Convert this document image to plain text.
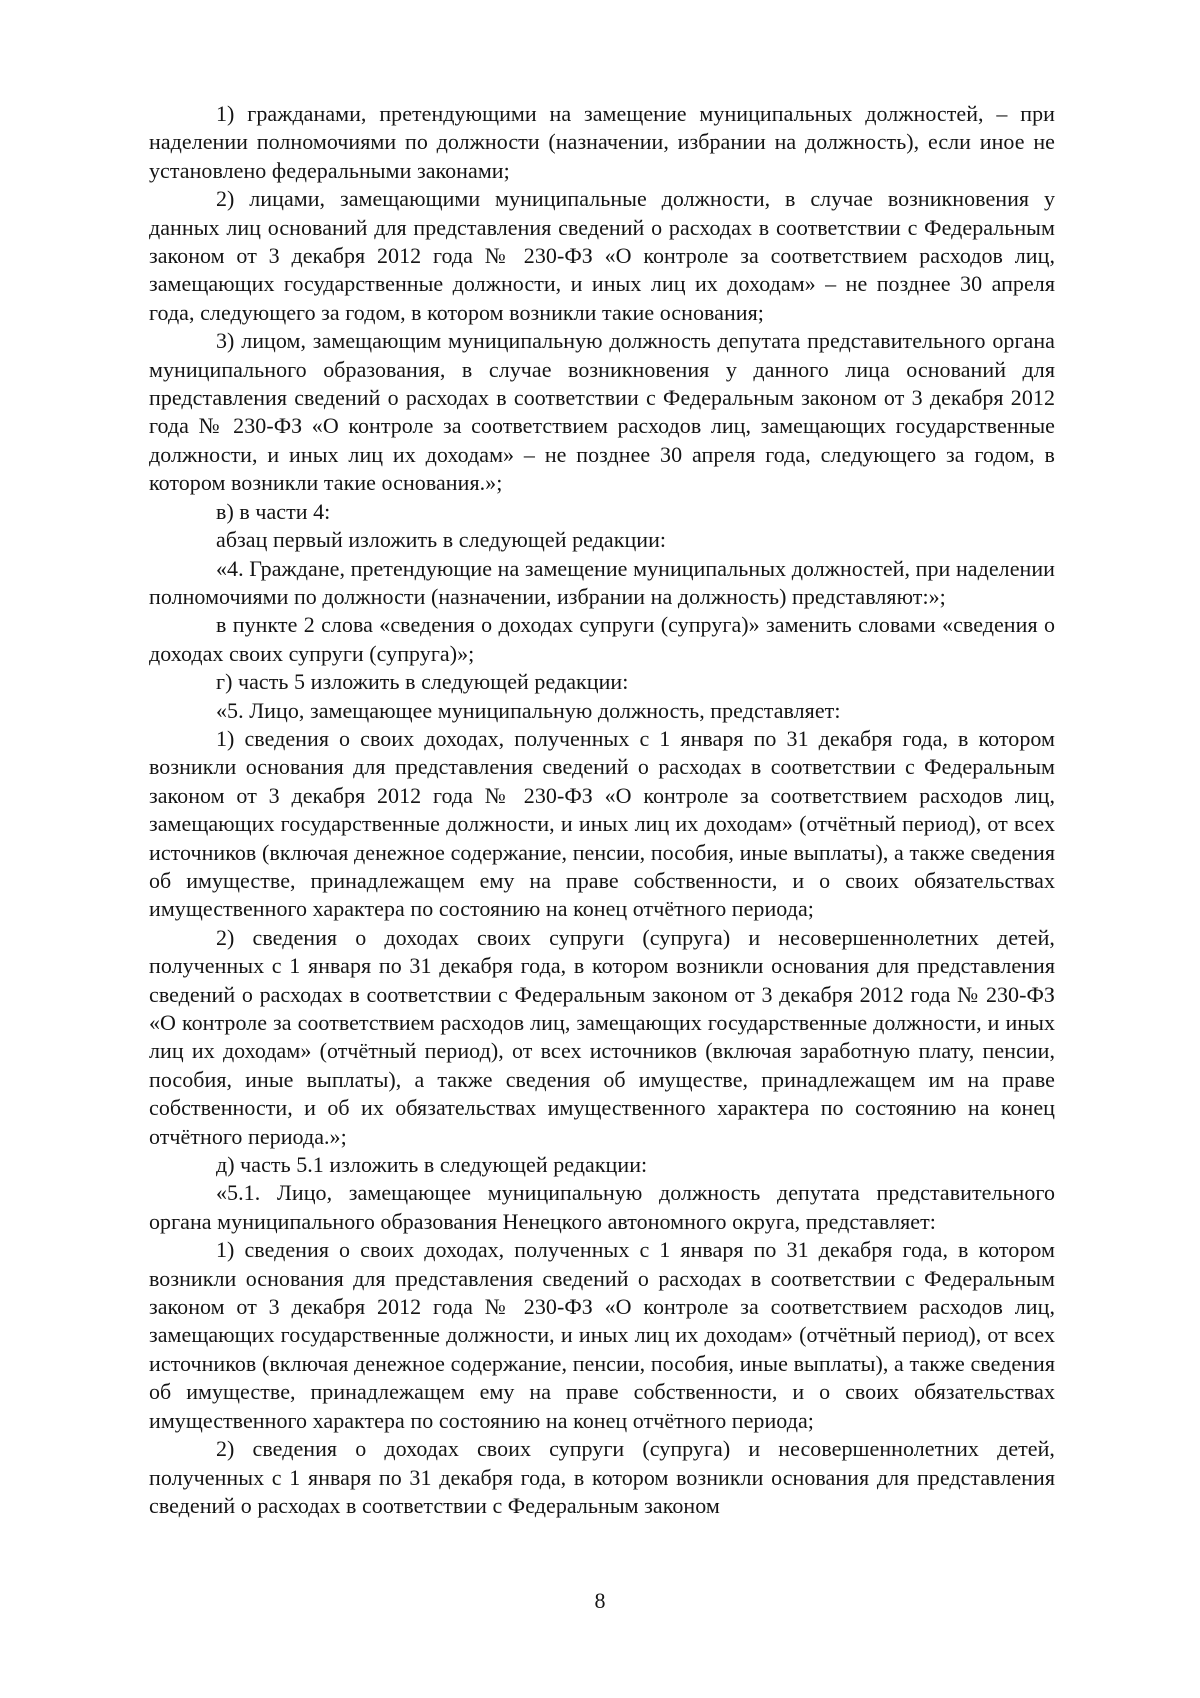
1) гражданами, претендующими на замещение муниципальных должностей, – при наделении полномочиями по должности (назначении, избрании на должность), если иное не установлено федеральными законами;

2) лицами, замещающими муниципальные должности, в случае возникновения у данных лиц оснований для представления сведений о расходах в соответствии с Федеральным законом от 3 декабря 2012 года № 230-ФЗ «О контроле за соответствием расходов лиц, замещающих государственные должности, и иных лиц их доходам» – не позднее 30 апреля года, следующего за годом, в котором возникли такие основания;

3) лицом, замещающим муниципальную должность депутата представительного органа муниципального образования, в случае возникновения у данного лица оснований для представления сведений о расходах в соответствии с Федеральным законом от 3 декабря 2012 года № 230-ФЗ «О контроле за соответствием расходов лиц, замещающих государственные должности, и иных лиц их доходам» – не позднее 30 апреля года, следующего за годом, в котором возникли такие основания.»;

в) в части 4:

абзац первый изложить в следующей редакции:

«4. Граждане, претендующие на замещение муниципальных должностей, при наделении полномочиями по должности (назначении, избрании на должность) представляют:»;

в пункте 2 слова «сведения о доходах супруги (супруга)» заменить словами «сведения о доходах своих супруги (супруга)»;

г) часть 5 изложить в следующей редакции:

«5. Лицо, замещающее муниципальную должность, представляет:

1) сведения о своих доходах, полученных с 1 января по 31 декабря года, в котором возникли основания для представления сведений о расходах в соответствии с Федеральным законом от 3 декабря 2012 года № 230-ФЗ «О контроле за соответствием расходов лиц, замещающих государственные должности, и иных лиц их доходам» (отчётный период), от всех источников (включая денежное содержание, пенсии, пособия, иные выплаты), а также сведения об имуществе, принадлежащем ему на праве собственности, и о своих обязательствах имущественного характера по состоянию на конец отчётного периода;

2) сведения о доходах своих супруги (супруга) и несовершеннолетних детей, полученных с 1 января по 31 декабря года, в котором возникли основания для представления сведений о расходах в соответствии с Федеральным законом от 3 декабря 2012 года № 230-ФЗ «О контроле за соответствием расходов лиц, замещающих государственные должности, и иных лиц их доходам» (отчётный период), от всех источников (включая заработную плату, пенсии, пособия, иные выплаты), а также сведения об имуществе, принадлежащем им на праве собственности, и об их обязательствах имущественного характера по состоянию на конец отчётного периода.»;

д) часть 5.1 изложить в следующей редакции:

«5.1. Лицо, замещающее муниципальную должность депутата представительного органа муниципального образования Ненецкого автономного округа, представляет:

1) сведения о своих доходах, полученных с 1 января по 31 декабря года, в котором возникли основания для представления сведений о расходах в соответствии с Федеральным законом от 3 декабря 2012 года № 230-ФЗ «О контроле за соответствием расходов лиц, замещающих государственные должности, и иных лиц их доходам» (отчётный период), от всех источников (включая денежное содержание, пенсии, пособия, иные выплаты), а также сведения об имуществе, принадлежащем ему на праве собственности, и о своих обязательствах имущественного характера по состоянию на конец отчётного периода;

2) сведения о доходах своих супруги (супруга) и несовершеннолетних детей, полученных с 1 января по 31 декабря года, в котором возникли основания для представления сведений о расходах в соответствии с Федеральным законом

8
